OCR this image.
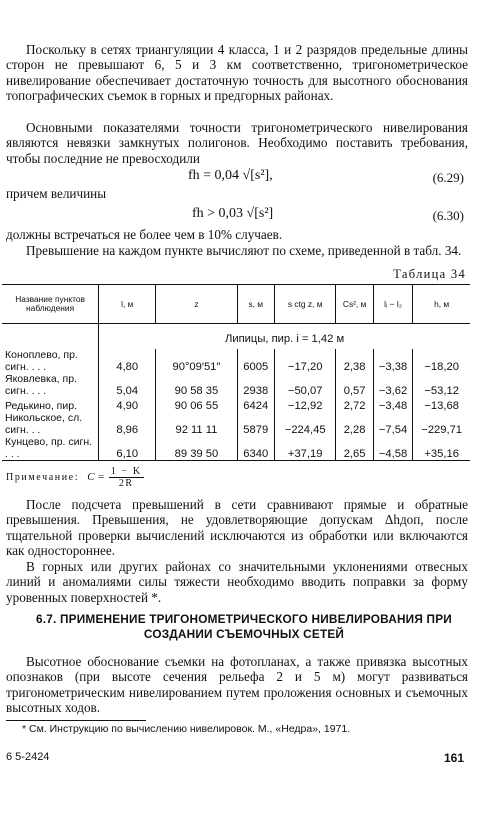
Поскольку в сетях триангуляции 4 класса, 1 и 2 разрядов предельные длины сторон не превышают 6, 5 и 3 км соответственно, тригонометрическое нивелирование обеспечивает достаточную точность для высотного обоснования топографических съемок в горных и предгорных районах.

Основными показателями точности тригонометрического нивелирования являются невязки замкнутых полигонов. Необходимо поставить требования, чтобы последние не превосходили

fh = 0,04 √[s²],	(6.29)

причем величины

fh > 0,03 √[s²]	(6.30)

должны встречаться не более чем в 10% случаев.

Превышение на каждом пункте вычисляют по схеме, приведенной в табл. 34.

Таблица 34
Название пунктов наблюдения	l, м	z	s, м	s ctg z, м	Cs², м	lᵢ − l₂	h, м
	Липицы, пир. i = 1,42 м						
Коноплево, пр. сигн. . . .	4,80	90°09′51″	6005	−17,20	2,38	−3,38	−18,20
Яковлевка, пр. сигн. . . .	5,04	90 58 35	2938	−50,07	0,57	−3,62	−53,12
Редькино, пир.	4,90	90 06 55	6424	−12,92	2,72	−3,48	−13,68
Никольское, сл. сигн. . .	8,96	92 11 11	5879	−224,45	2,28	−7,54	−229,71
Кунцево, пр. сигн. . . .	6,10	89 39 50	6340	+37,19	2,65	−4,58	+35,16
Примечание: $C = \frac{1 - K}{2R}$

После подсчета превышений в сети сравнивают прямые и обратные превышения. Превышения, не удовлетворяющие допускам Δhдоп, после тщательной проверки вычислений исключаются из обработки или включаются как одностороннее.

В горных или других районах со значительными уклонениями отвесных линий и аномалиями силы тяжести необходимо вводить поправки за форму уровенных поверхностей *.

6.7. ПРИМЕНЕНИЕ ТРИГОНОМЕТРИЧЕСКОГО НИВЕЛИРОВАНИЯ ПРИ СОЗДАНИИ СЪЕМОЧНЫХ СЕТЕЙ

Высотное обоснование съемки на фотопланах, а также привязка высотных опознаков (при высоте сечения рельефа 2 и 5 м) могут развиваться тригонометрическим нивелированием путем проложения основных и съемочных высотных ходов.

* См. Инструкцию по вычислению нивелировок. М., «Недра», 1971.
6 5-2424	161
